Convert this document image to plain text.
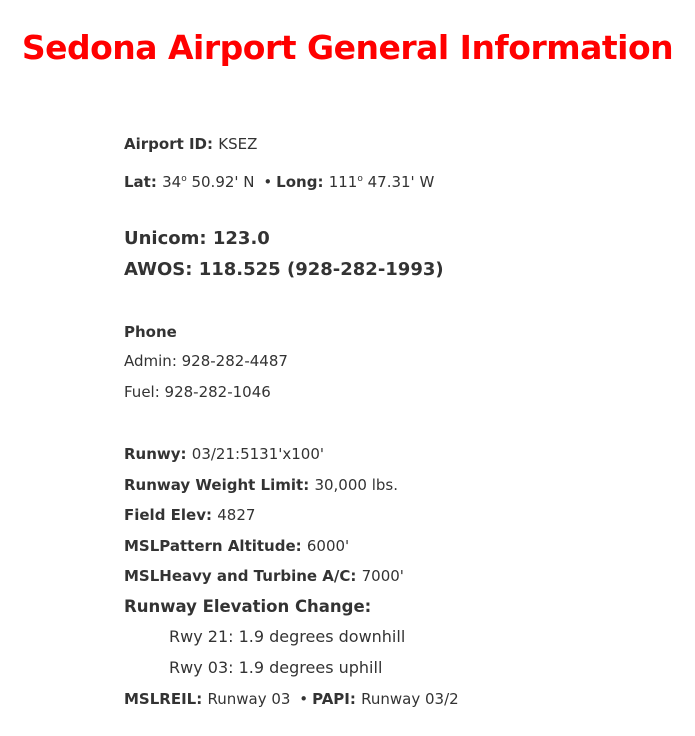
Sedona Airport General Information
Airport ID: KSEZ
Lat: 34$^o$ 50.92' N • Long: 111$^o$ 47.31' W
Unicom: 123.0
AWOS: 118.525 (928-282-1993)
Phone
Admin: 928-282-4487
Fuel: 928-282-1046
Runwy: 03/21:5131'x100'
Runway Weight Limit: 30,000 lbs.
Field Elev: 4827
MSLPattern Altitude: 6000'
MSLHeavy and Turbine A/C: 7000'
Runway Elevation Change:
Rwy 21: 1.9 degrees downhill
Rwy 03: 1.9 degrees uphill
MSLREIL: Runway 03 • PAPI: Runway 03/2
